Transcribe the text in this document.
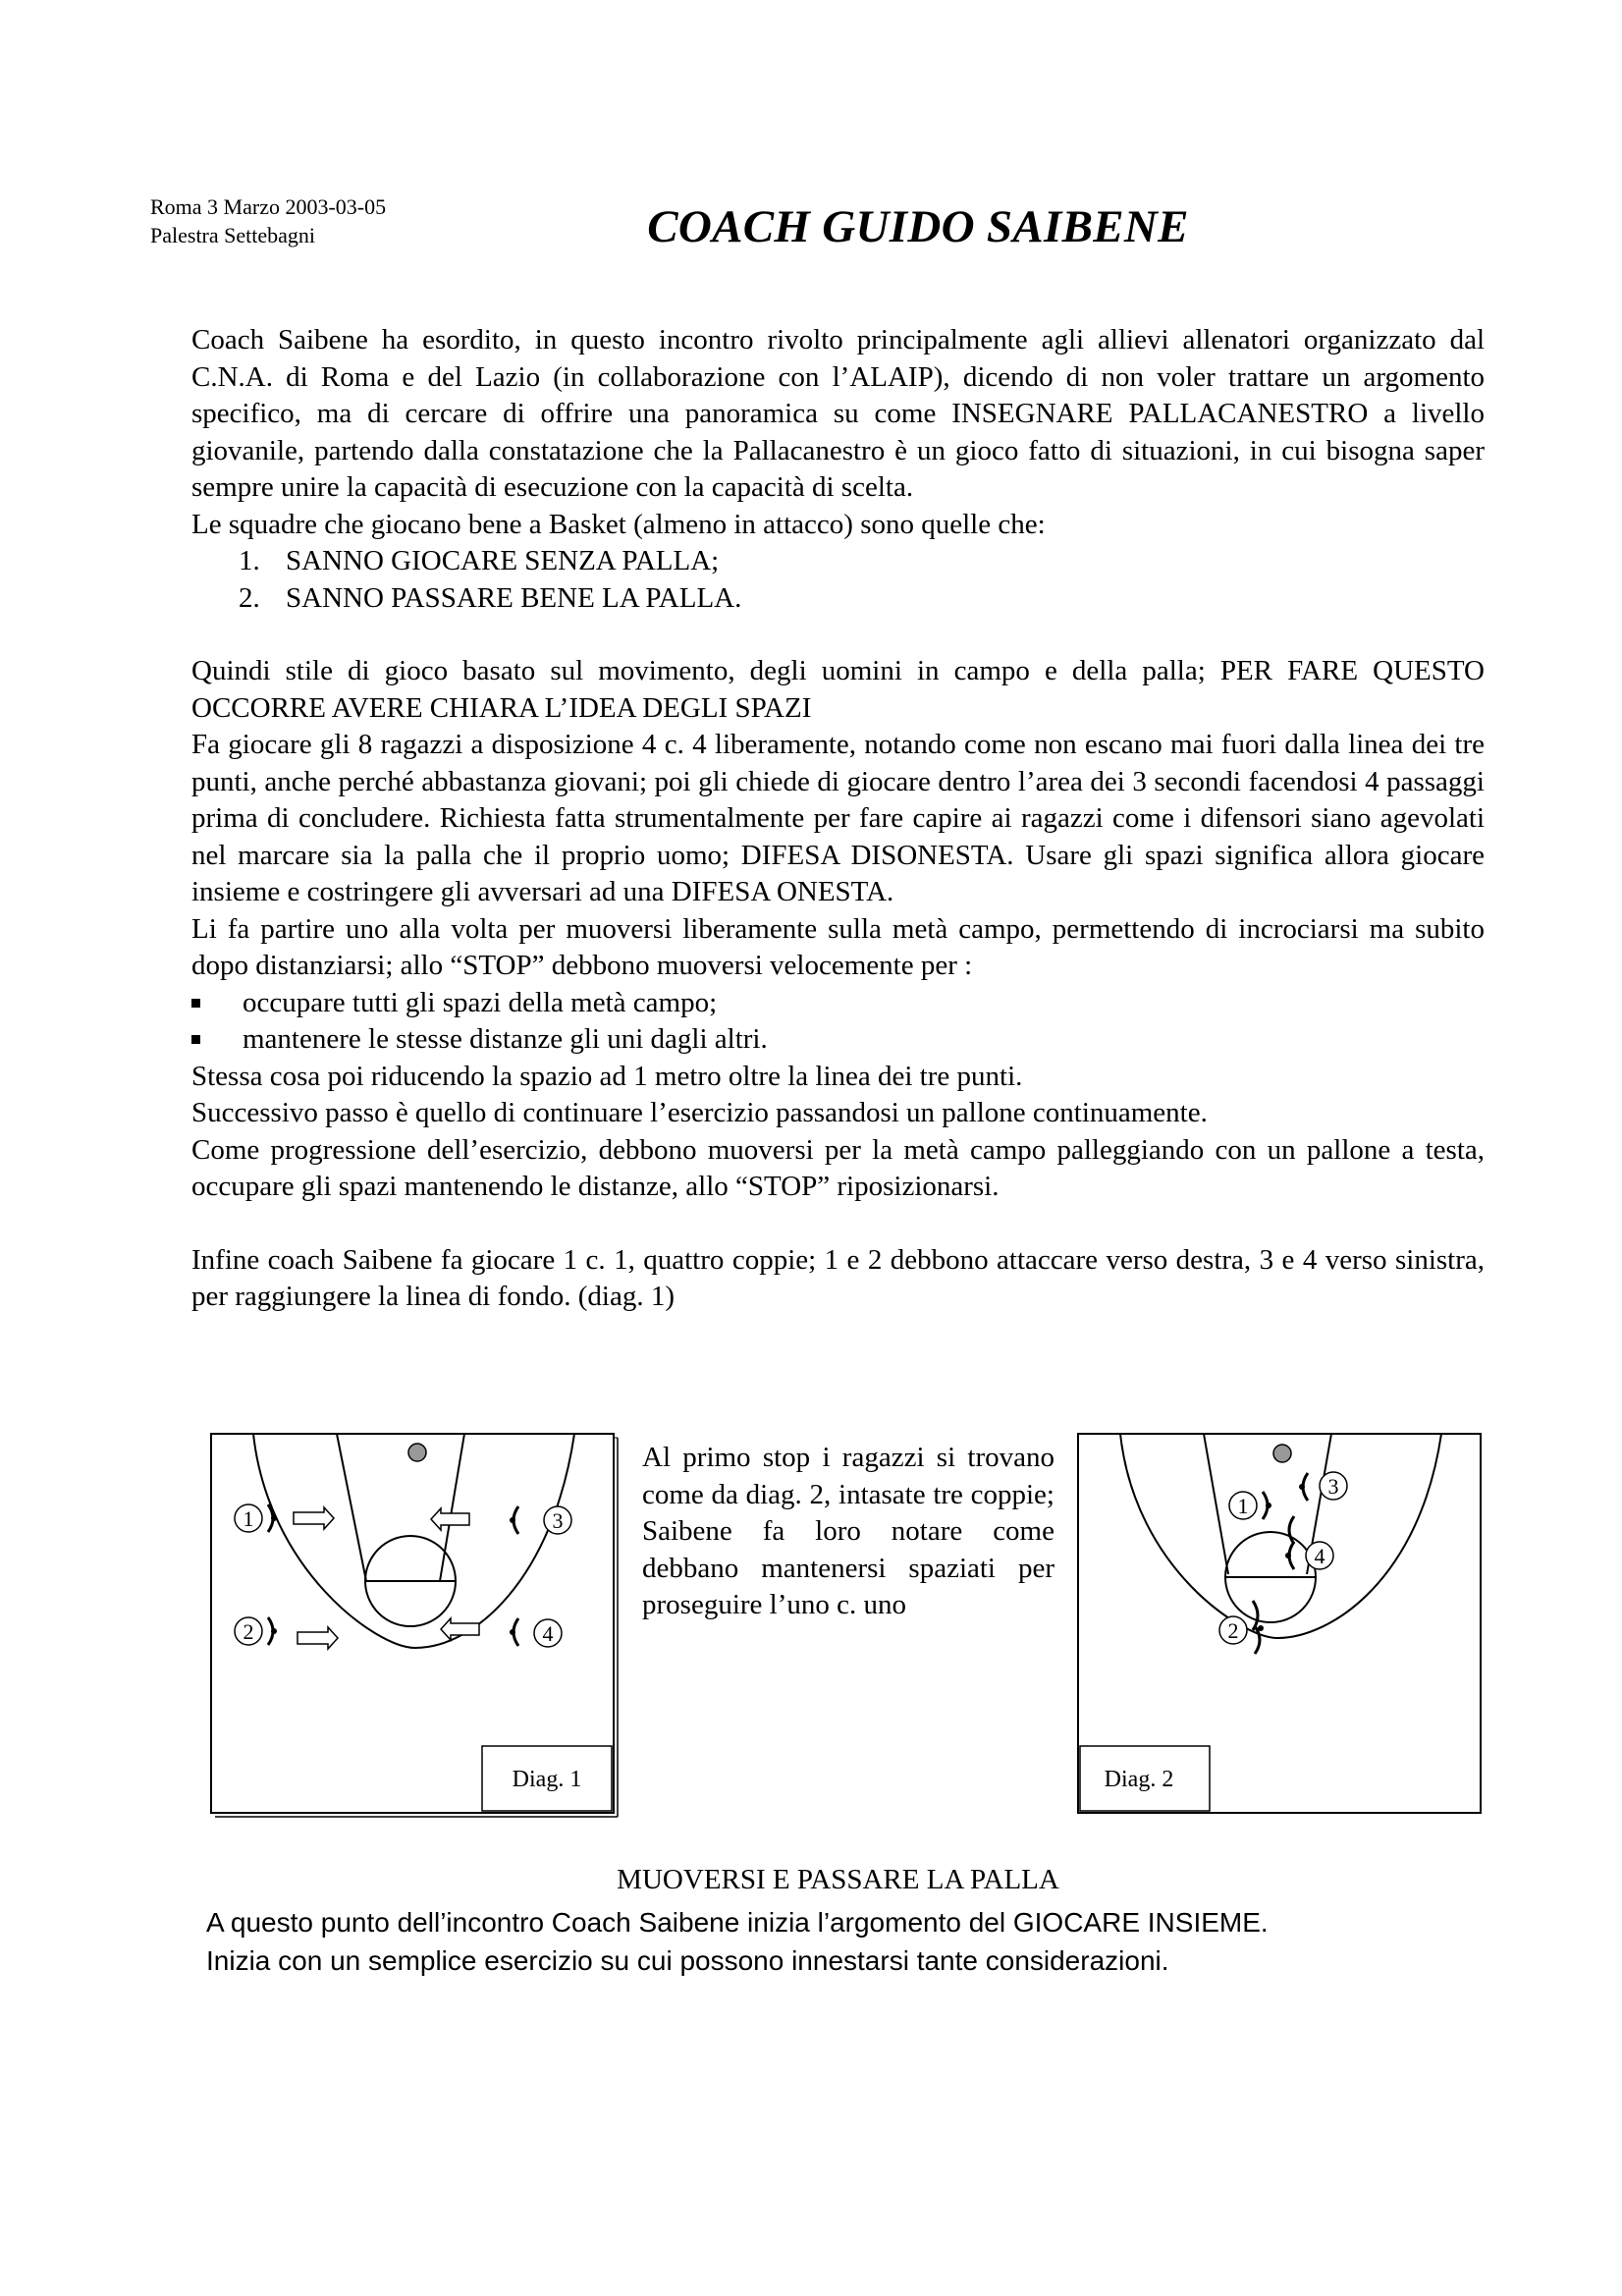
Roma 3 Marzo 2003-03-05
Palestra Settebagni	COACH GUIDO SAIBENE

Coach Saibene ha esordito, in questo incontro rivolto principalmente agli allievi allenatori organizzato dal C.N.A. di Roma e del Lazio (in collaborazione con l’ALAIP), dicendo di non voler trattare un argomento specifico, ma di cercare di offrire una panoramica su come INSEGNARE PALLACANESTRO a livello giovanile, partendo dalla constatazione che la Pallacanestro è un gioco fatto di situazioni, in cui bisogna saper sempre unire la capacità di esecuzione con la capacità di scelta.

Le squadre che giocano bene a Basket (almeno in attacco) sono quelle che:

1. SANNO GIOCARE SENZA PALLA;
2. SANNO PASSARE BENE LA PALLA.

Quindi stile di gioco basato sul movimento, degli uomini in campo e della palla; PER FARE QUESTO OCCORRE AVERE CHIARA L’IDEA DEGLI SPAZI

Fa giocare gli 8 ragazzi a disposizione 4 c. 4 liberamente, notando come non escano mai fuori dalla linea dei tre punti, anche perché abbastanza giovani; poi gli chiede di giocare dentro l’area dei 3 secondi facendosi 4 passaggi prima di concludere. Richiesta fatta strumentalmente per fare capire ai ragazzi come i difensori siano agevolati nel marcare sia la palla che il proprio uomo; DIFESA DISONESTA. Usare gli spazi significa allora giocare insieme e costringere gli avversari ad una DIFESA ONESTA.

Li fa partire uno alla volta per muoversi liberamente sulla metà campo, permettendo di incrociarsi ma subito dopo distanziarsi; allo “STOP” debbono muoversi velocemente per :

occupare tutti gli spazi della metà campo;
mantenere le stesse distanze gli uni dagli altri.

Stessa cosa poi riducendo la spazio ad 1 metro oltre la linea dei tre punti.

Successivo passo è quello di continuare l’esercizio passandosi un pallone continuamente.

Come progressione dell’esercizio, debbono muoversi per la metà campo palleggiando con un pallone a testa, occupare gli spazi mantenendo le distanze, allo “STOP” riposizionarsi.

Infine coach Saibene fa giocare 1 c. 1, quattro coppie; 1 e 2 debbono attaccare verso destra, 3 e 4 verso sinistra, per raggiungere la linea di fondo. (diag. 1)

1
2
3
4
Diag. 1
Al primo stop i ragazzi si trovano come da diag. 2, intasate tre coppie; Saibene fa loro notare come debbano mantenersi spaziati per proseguire l’uno c. uno
3
1
4
2
Diag. 2
MUOVERSI E PASSARE LA PALLA

A questo punto dell’incontro Coach Saibene inizia l’argomento del GIOCARE INSIEME.

Inizia con un semplice esercizio su cui possono innestarsi tante considerazioni.
